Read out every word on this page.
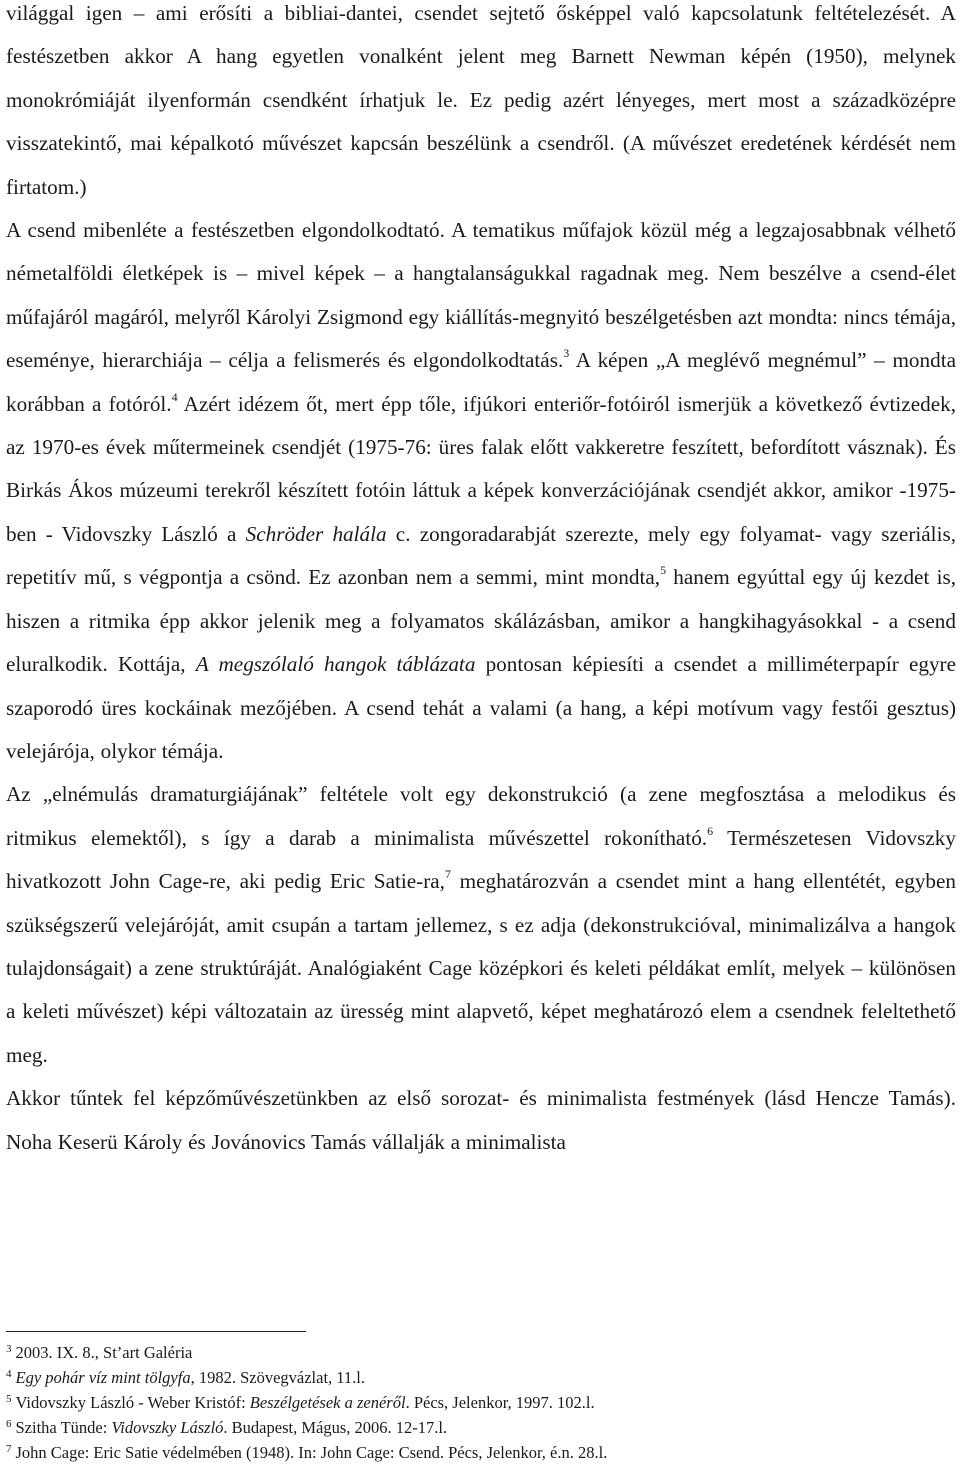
világgal igen – ami erősíti a bibliai-dantei, csendet sejtető ősképpel való kapcsolatunk feltételezését. A festészetben akkor A hang egyetlen vonalként jelent meg Barnett Newman képén (1950), melynek monokrómiáját ilyenformán csendként írhatjuk le. Ez pedig azért lényeges, mert most a századközépre visszatekintő, mai képalkotó művészet kapcsán beszélünk a csendről. (A művészet eredetének kérdését nem firtatom.)

A csend mibenléte a festészetben elgondolkodtató. A tematikus műfajok közül még a legzajosabbnak vélhető németalföldi életképek is – mivel képek – a hangtalanságukkal ragadnak meg. Nem beszélve a csend-élet műfajáról magáról, melyről Károlyi Zsigmond egy kiállítás-megnyitó beszélgetésben azt mondta: nincs témája, eseménye, hierarchiája – célja a felismerés és elgondolkodtatás.$^3$ A képen „A meglévő megnémul” – mondta korábban a fotóról.$^4$ Azért idézem őt, mert épp tőle, ifjúkori enteriőr-fotóiról ismerjük a következő évtizedek, az 1970-es évek műtermeinek csendjét (1975-76: üres falak előtt vakkeretre feszített, befordított vásznak). És Birkás Ákos múzeumi terekről készített fotóin láttuk a képek konverzációjának csendjét akkor, amikor -1975-ben - Vidovszky László a Schröder halála c. zongoradarabját szerezte, mely egy folyamat- vagy szeriális, repetitív mű, s végpontja a csönd. Ez azonban nem a semmi, mint mondta,$^5$ hanem egyúttal egy új kezdet is, hiszen a ritmika épp akkor jelenik meg a folyamatos skálázásban, amikor a hangkihagyásokkal - a csend eluralkodik. Kottája, A megszólaló hangok táblázata pontosan képiesíti a csendet a milliméterpapír egyre szaporodó üres kockáinak mezőjében. A csend tehát a valami (a hang, a képi motívum vagy festői gesztus) velejárója, olykor témája.

Az „elnémulás dramaturgiájának” feltétele volt egy dekonstrukció (a zene megfosztása a melodikus és ritmikus elemektől), s így a darab a minimalista művészettel rokonítható.$^6$ Természetesen Vidovszky hivatkozott John Cage-re, aki pedig Eric Satie-ra,$^7$ meghatározván a csendet mint a hang ellentétét, egyben szükségszerű velejáróját, amit csupán a tartam jellemez, s ez adja (dekonstrukcióval, minimalizálva a hangok tulajdonságait) a zene struktúráját. Analógiaként Cage középkori és keleti példákat említ, melyek – különösen a keleti művészet) képi változatain az üresség mint alapvető, képet meghatározó elem a csendnek feleltethető meg.

Akkor tűntek fel képzőművészetünkben az első sorozat- és minimalista festmények (lásd Hencze Tamás). Noha Keserü Károly és Jovánovics Tamás vállalják a minimalista

$^3$ 2003. IX. 8., St’art Galéria

$^4$ Egy pohár víz mint tölgyfa, 1982. Szövegvázlat, 11.l.

$^5$ Vidovszky László - Weber Kristóf: Beszélgetések a zenéről. Pécs, Jelenkor, 1997. 102.l.

$^6$ Szitha Tünde: Vidovszky László. Budapest, Mágus, 2006. 12-17.l.

$^7$ John Cage: Eric Satie védelmében (1948). In: John Cage: Csend. Pécs, Jelenkor, é.n. 28.l.
